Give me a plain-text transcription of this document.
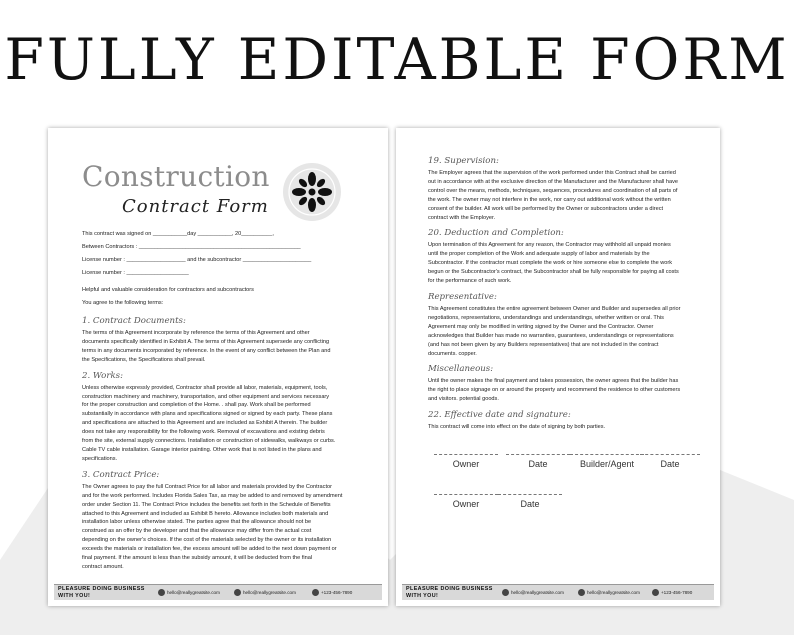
FULLY EDITABLE FORM
Construction
Contract Form
This contract was signed on ___________day ___________, 20__________,
Between Contractors : ____________________________________________________
License number : ___________________ and the subcontractor ______________________
License number : ____________________
Helpful and valuable consideration for contractors and subcontractors
You agree to the following terms:
1. Contract Documents:
The terms of this Agreement incorporate by reference the terms of this Agreement and other
documents specifically identified in Exhibit A. The terms of this Agreement supersede any conflicting
terms in any documents incorporated by reference. In the event of any conflict between the Plan and
the Specifications, the Specifications shall prevail.
2. Works:
Unless otherwise expressly provided, Contractor shall provide all labor, materials, equipment, tools,
construction machinery and machinery, transportation, and other equipment and services necessary
for the proper construction and completion of the Home. . shall pay. Work shall be performed
substantially in accordance with plans and specifications signed or signed by each party. These plans
and specifications are attached to this Agreement and are included as Exhibit A therein. The builder
does not take any responsibility for the following work. Removal of excavations and existing debris
from the site, external supply connections. Installation or construction of sidewalks, walkways or curbs.
Cable TV cable installation. Garage interior painting. Other work that is not listed in the plans and
specifications.
3. Contract Price:
The Owner agrees to pay the full Contract Price for all labor and materials provided by the Contractor
and for the work performed. Includes Florida Sales Tax, as may be added to and removed by amendment
order under Section 11. The Contract Price includes the benefits set forth in the Schedule of Benefits
attached to this Agreement and included as Exhibit B hereto. Allowance includes both materials and
installation labor unless otherwise stated. The parties agree that the allowance should not be
construed as an offer by the developer and that the allowance may differ from the actual cost
depending on the owner's choices. If the cost of the materials selected by the owner or its installation
exceeds the materials or installation fee, the excess amount will be added to the next down payment or
final payment. If the amount is less than the subsidy amount, it will be deducted from the final
contract amount.
PLEASURE DOING BUSINESS WITH YOU!	hello@reallygreatsite.com	hello@reallygreatsite.com	+123-456-7890
19. Supervision:
The Employer agrees that the supervision of the work performed under this Contract shall be carried
out in accordance with at the exclusive direction of the Manufacturer and the Manufacturer shall have
control over the means, methods, techniques, sequences, procedures and coordination of all parts of
the work. The owner may not interfere in the work, nor carry out additional work without the written
consent of the builder. All work will be performed by the Owner or subcontractors under a direct
contract with the Employer.
20. Deduction and Completion:
Upon termination of this Agreement for any reason, the Contractor may withhold all unpaid monies
until the proper completion of the Work and adequate supply of labor and materials by the
Subcontractor. If the contractor must complete the work or hire someone else to complete the work
begun or the Subcontractor's contract, the Subcontractor shall be fully responsible for paying all costs
for the performance of such work.
Representative:
This Agreement constitutes the entire agreement between Owner and Builder and supersedes all prior
negotiations, representations, understandings and understandings, whether written or oral. This
Agreement may only be modified in writing signed by the Owner and the Contractor. Owner
acknowledges that Builder has made no warranties, guarantees, understandings or representations
(and has not been given by any Builders representatives) that are not included in the contract
documents. copper.
Miscellaneous:
Until the owner makes the final payment and takes possession, the owner agrees that the builder has
the right to place signage on or around the property and recommend the residence to other customers
and visitors. potential goods.
22. Effective date and signature:
This contract will come into effect on the date of signing by both parties.
Owner	Date	Builder/Agent	Date
Owner	Date
PLEASURE DOING BUSINESS WITH YOU!	hello@reallygreatsite.com	hello@reallygreatsite.com	+123-456-7890
